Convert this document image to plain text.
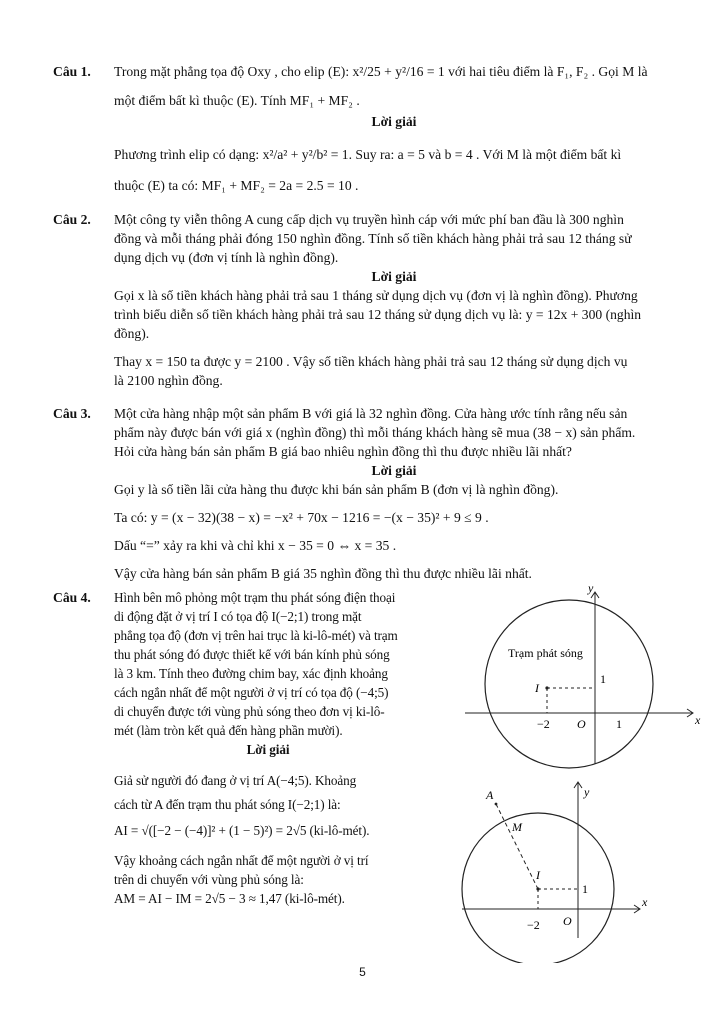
Câu 1. Trong mặt phẳng tọa độ Oxy , cho elip (E): x²/25 + y²/16 = 1 với hai tiêu điểm là F₁, F₂ . Gọi M là

một điểm bất kì thuộc (E). Tính MF₁ + MF₂ .

Lời giải

Phương trình elip có dạng: x²/a² + y²/b² = 1. Suy ra: a = 5 và b = 4 . Với M là một điểm bất kì

thuộc (E) ta có: MF₁ + MF₂ = 2a = 2.5 = 10 .

Câu 2. Một công ty viễn thông A cung cấp dịch vụ truyền hình cáp với mức phí ban đầu là 300 nghìn

đồng và mỗi tháng phải đóng 150 nghìn đồng. Tính số tiền khách hàng phải trả sau 12 tháng sử

dụng dịch vụ (đơn vị tính là nghìn đồng).

Lời giải

Gọi x là số tiền khách hàng phải trả sau 1 tháng sử dụng dịch vụ (đơn vị là nghìn đồng). Phương

trình biểu diễn số tiền khách hàng phải trả sau 12 tháng sử dụng dịch vụ là: y = 12x + 300 (nghìn

đồng).

Thay x = 150 ta được y = 2100 . Vậy số tiền khách hàng phải trả sau 12 tháng sử dụng dịch vụ

là 2100 nghìn đồng.

Câu 3. Một cửa hàng nhập một sản phẩm B với giá là 32 nghìn đồng. Cửa hàng ước tính rằng nếu sản

phẩm này được bán với giá x (nghìn đồng) thì mỗi tháng khách hàng sẽ mua (38 − x) sản phẩm.

Hỏi cửa hàng bán sản phẩm B giá bao nhiêu nghìn đồng thì thu được nhiều lãi nhất?

Lời giải

Gọi y là số tiền lãi cửa hàng thu được khi bán sản phẩm B (đơn vị là nghìn đồng).

Ta có: y = (x − 32)(38 − x) = −x² + 70x − 1216 = −(x − 35)² + 9 ≤ 9 .

Dấu “=” xảy ra khi và chỉ khi x − 35 = 0 ⇔ x = 35 .

Vậy cửa hàng bán sản phẩm B giá 35 nghìn đồng thì thu được nhiều lãi nhất.

Câu 4. Hình bên mô phỏng một trạm thu phát sóng điện thoại

di động đặt ở vị trí I có tọa độ I(−2;1) trong mặt

phẳng tọa độ (đơn vị trên hai trục là ki-lô-mét) và trạm

thu phát sóng đó được thiết kế với bán kính phủ sóng

là 3 km. Tính theo đường chim bay, xác định khoảng

cách ngắn nhất để một người ở vị trí có tọa độ (−4;5)

di chuyển được tới vùng phủ sóng theo đơn vị ki-lô-

mét (làm tròn kết quả đến hàng phần mười).

Lời giải

Giả sử người đó đang ở vị trí A(−4;5). Khoảng

cách từ A đến trạm thu phát sóng I(−2;1) là:

AI = √([−2 − (−4)]² + (1 − 5)²) = 2√5 (ki-lô-mét).

Vậy khoảng cách ngắn nhất để một người ở vị trí

trên di chuyển với vùng phủ sóng là:

AM = AI − IM = 2√5 − 3 ≈ 1,47 (ki-lô-mét).

Trạm phát sóng
y
x
I
1
−2 O	1
A	y
M
I
1
x
O
−2
5
